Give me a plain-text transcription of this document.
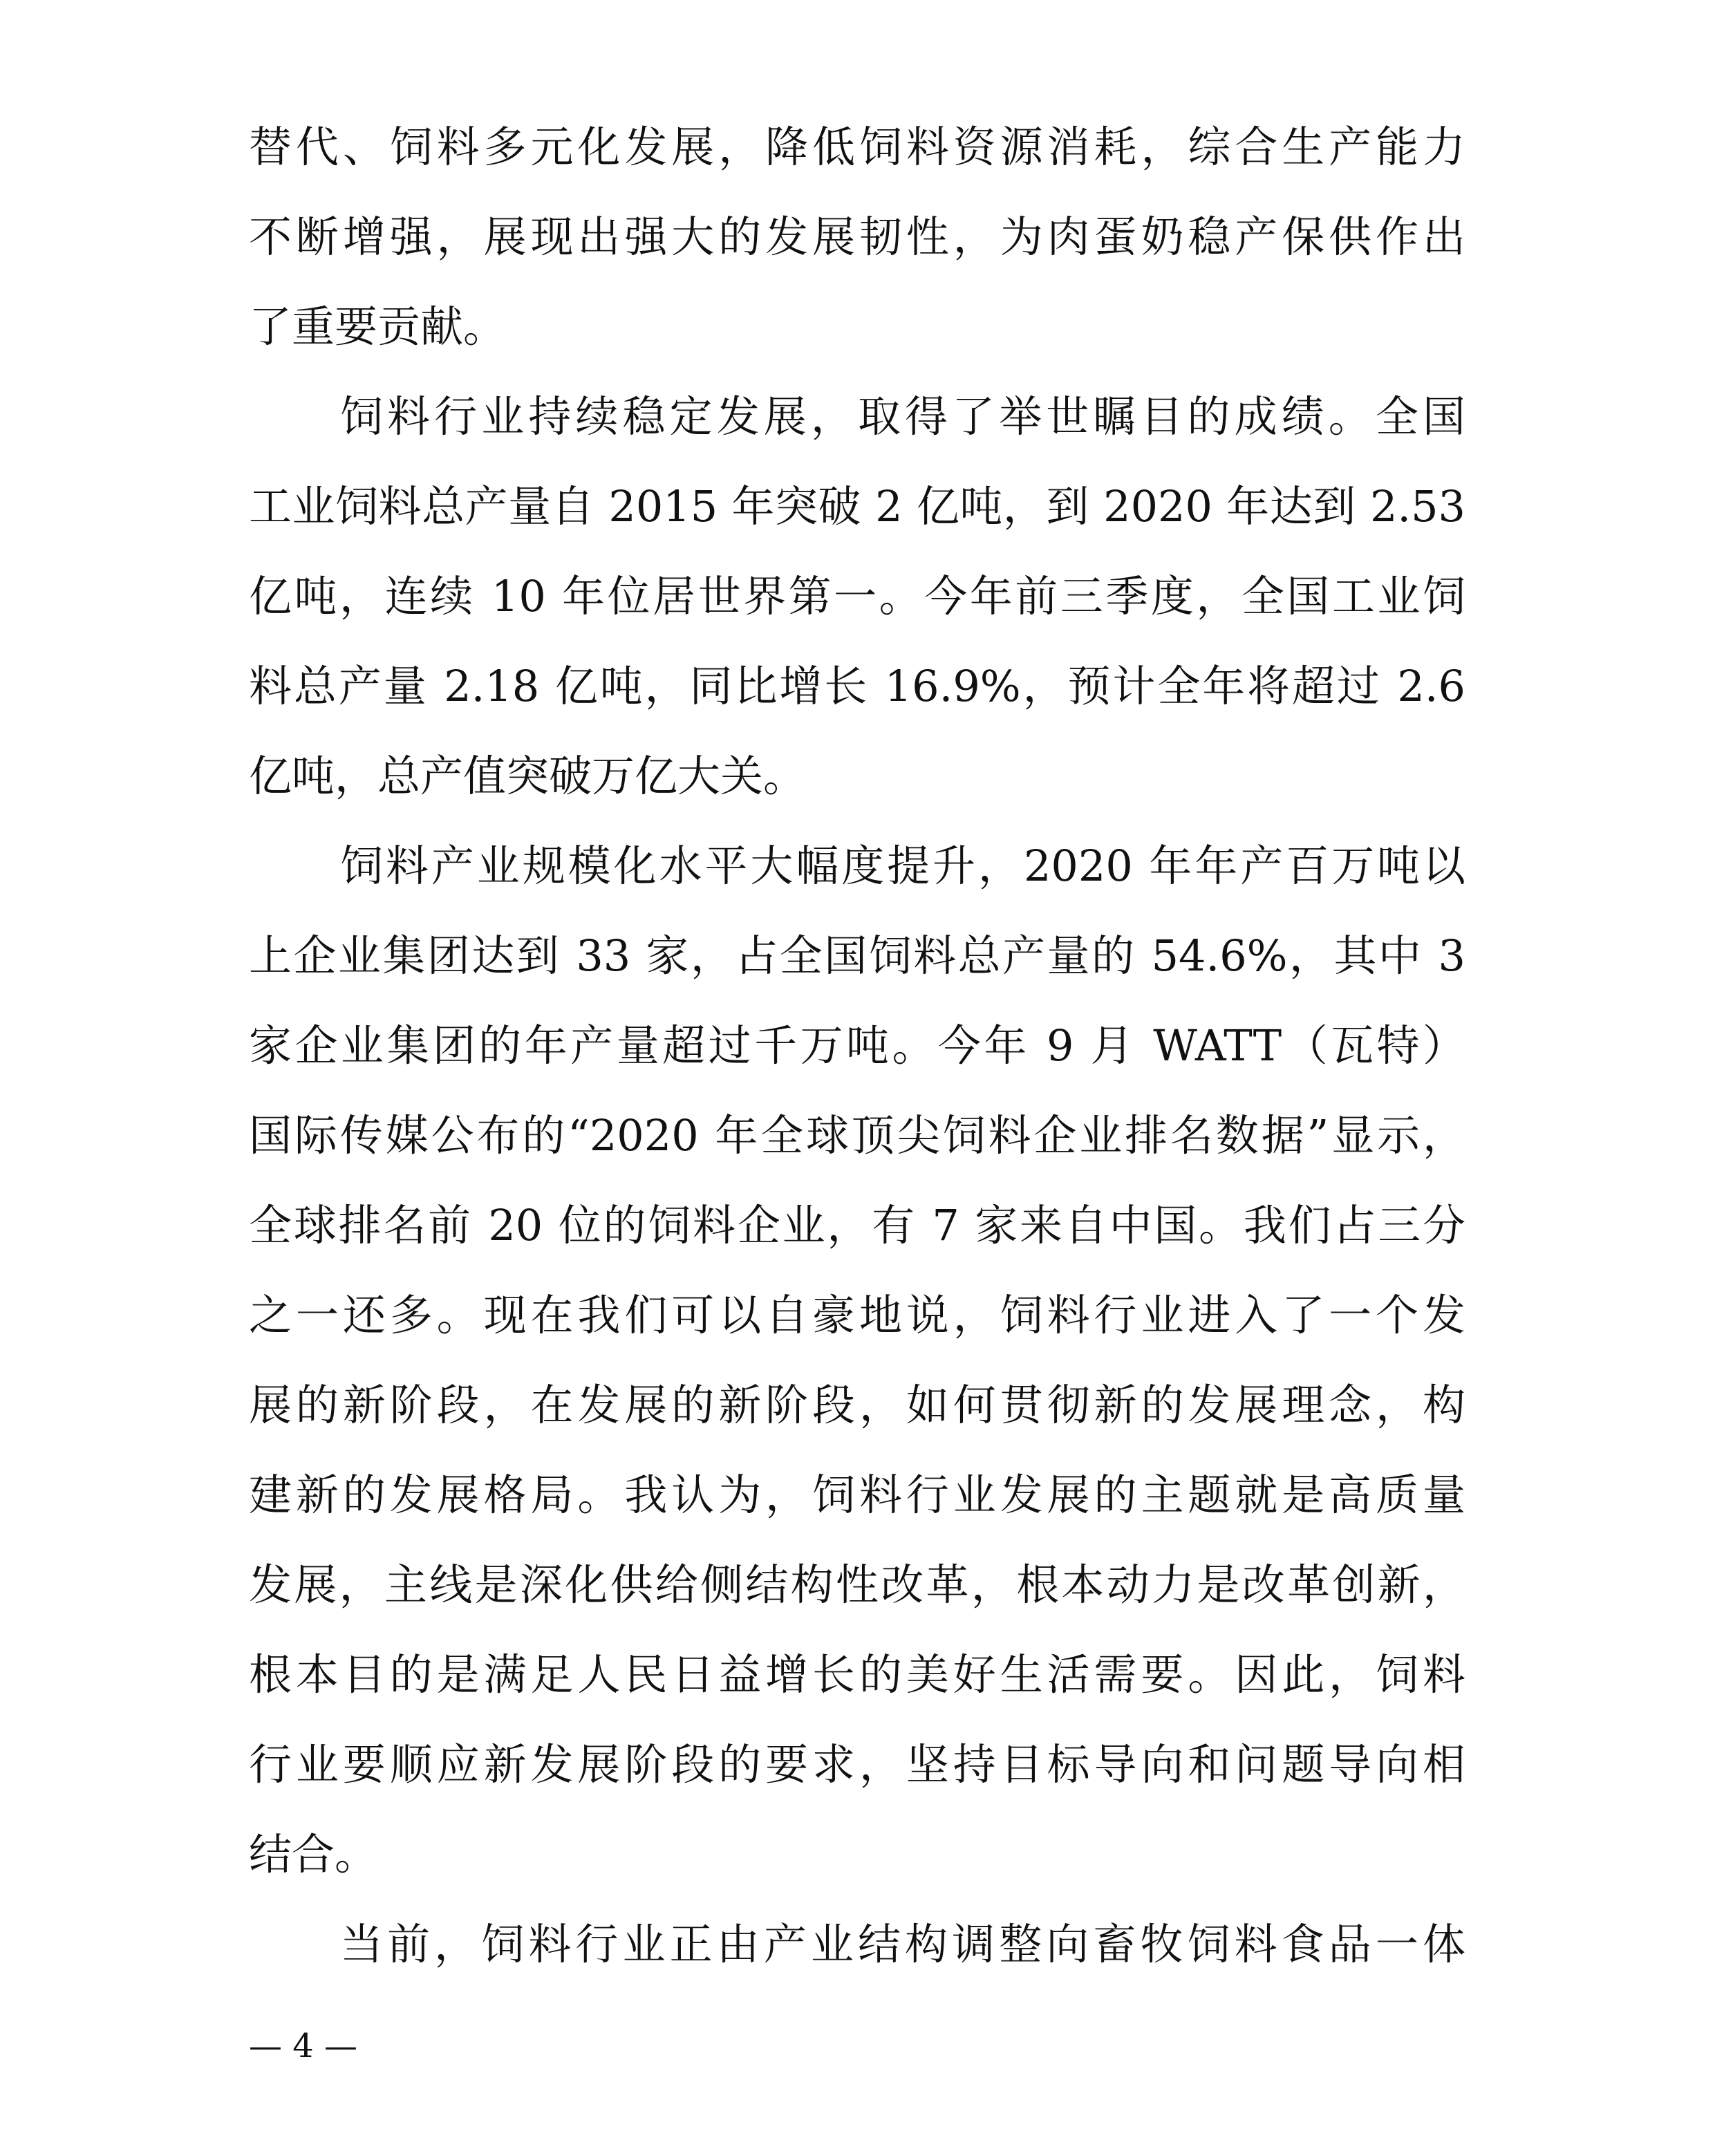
替代、饲料多元化发展，降低饲料资源消耗，综合生产能力
不断增强，展现出强大的发展韧性，为肉蛋奶稳产保供作出
了重要贡献。
饲料行业持续稳定发展，取得了举世瞩目的成绩。全国
工业饲料总产量自 2015 年突破 2 亿吨，到 2020 年达到 2.53
亿吨，连续 10 年位居世界第一。今年前三季度，全国工业饲
料总产量 2.18 亿吨，同比增长 16.9%，预计全年将超过 2.6
亿吨，总产值突破万亿大关。
饲料产业规模化水平大幅度提升，2020 年年产百万吨以
上企业集团达到 33 家，占全国饲料总产量的 54.6%，其中 3
家企业集团的年产量超过千万吨。今年 9 月 WATT（瓦特）
国际传媒公布的“2020 年全球顶尖饲料企业排名数据”显示，
全球排名前 20 位的饲料企业，有 7 家来自中国。我们占三分
之一还多。现在我们可以自豪地说，饲料行业进入了一个发
展的新阶段，在发展的新阶段，如何贯彻新的发展理念，构
建新的发展格局。我认为，饲料行业发展的主题就是高质量
发展，主线是深化供给侧结构性改革，根本动力是改革创新，
根本目的是满足人民日益增长的美好生活需要。因此，饲料
行业要顺应新发展阶段的要求，坚持目标导向和问题导向相
结合。
当前，饲料行业正由产业结构调整向畜牧饲料食品一体
— 4 —
